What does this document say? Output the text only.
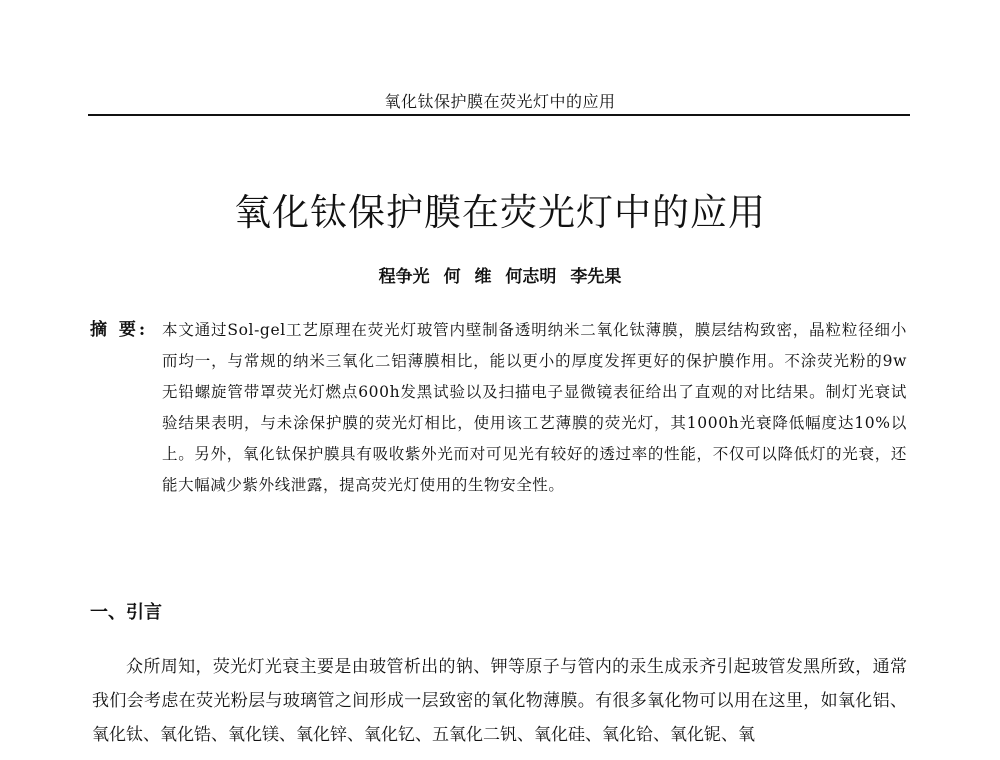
氧化钛保护膜在荧光灯中的应用
氧化钛保护膜在荧光灯中的应用
程争光 何 维 何志明 李先果
摘 要: 本文通过Sol-gel工艺原理在荧光灯玻管内壁制备透明纳米二氧化钛薄膜，膜层结构致密，晶粒粒径细小而均一，与常规的纳米三氧化二铝薄膜相比，能以更小的厚度发挥更好的保护膜作用。不涂荧光粉的9w无铅螺旋管带罩荧光灯燃点600h发黑试验以及扫描电子显微镜表征给出了直观的对比结果。制灯光衰试验结果表明，与未涂保护膜的荧光灯相比，使用该工艺薄膜的荧光灯，其1000h光衰降低幅度达10%以上。另外，氧化钛保护膜具有吸收紫外光而对可见光有较好的透过率的性能，不仅可以降低灯的光衰，还能大幅减少紫外线泄露，提高荧光灯使用的生物安全性。
一、引言
众所周知，荧光灯光衰主要是由玻管析出的钠、钾等原子与管内的汞生成汞齐引起玻管发黑所致，通常我们会考虑在荧光粉层与玻璃管之间形成一层致密的氧化物薄膜。有很多氧化物可以用在这里，如氧化铝、氧化钛、氧化锆、氧化镁、氧化锌、氧化钇、五氧化二钒、氧化硅、氧化铪、氧化铌、氧
